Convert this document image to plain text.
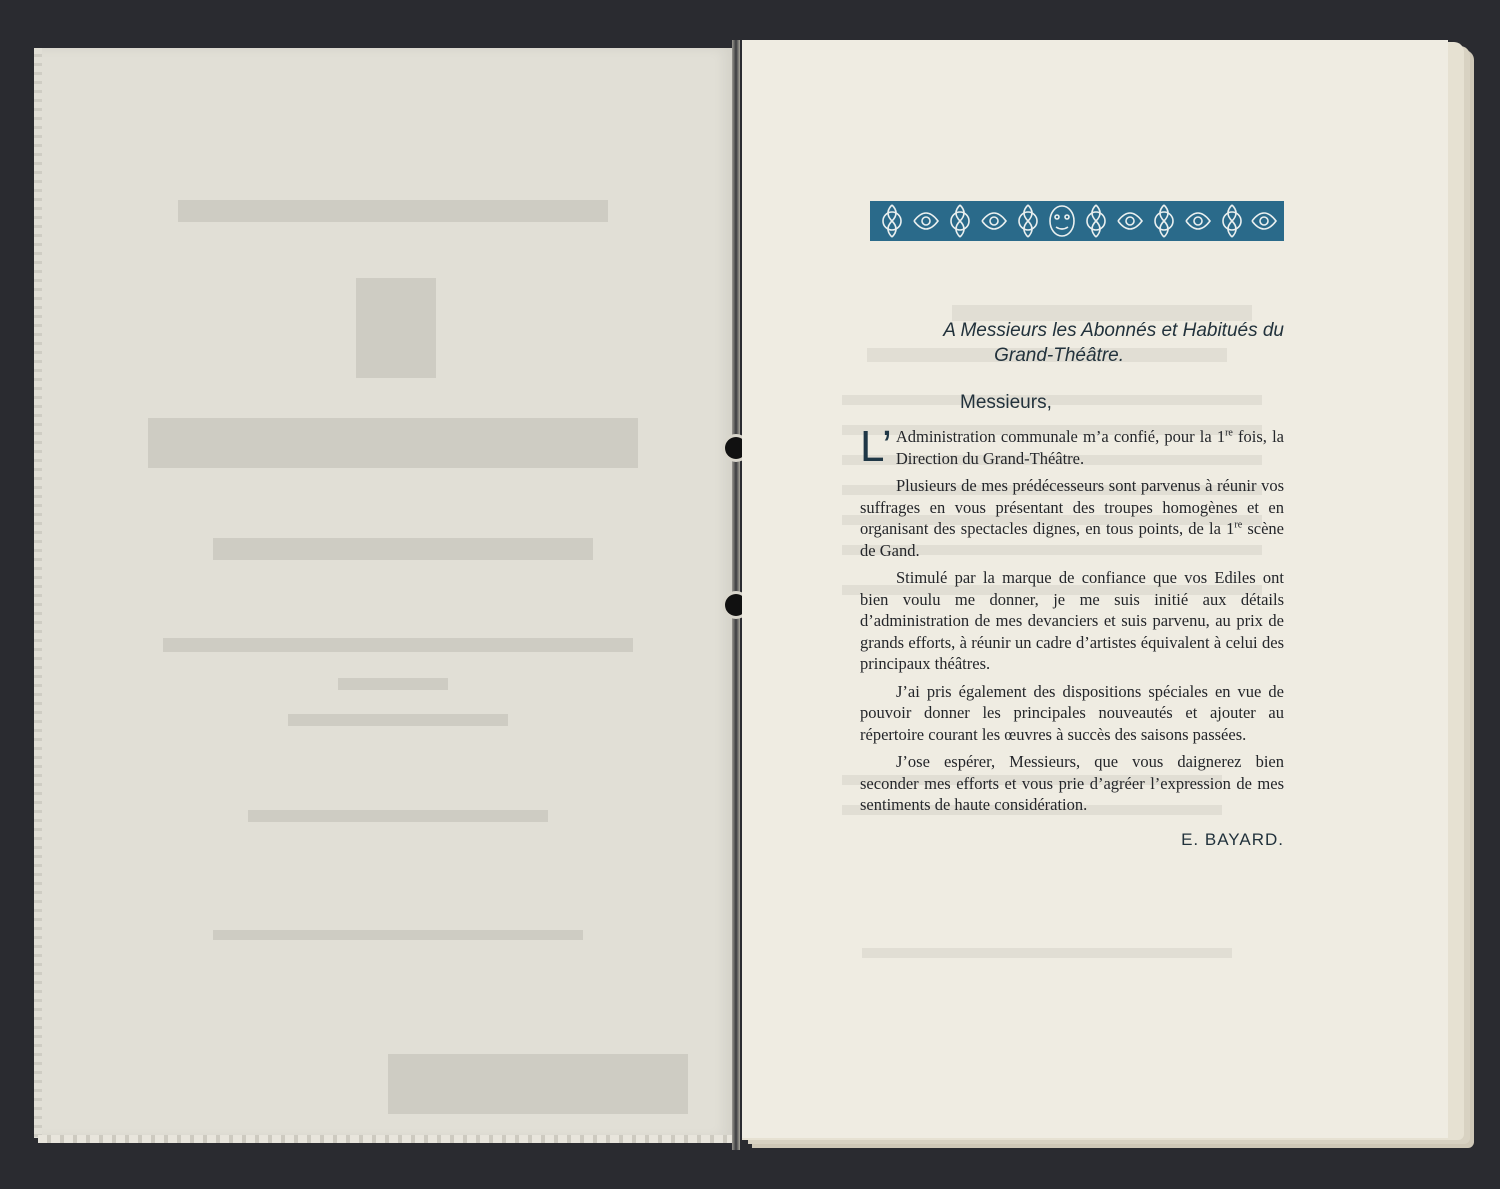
A Messieurs les Abonnés et Habitués du
Grand-Théâtre.
Messieurs,

L’ Administration communale m’a confié, pour la 1re fois, la Direction du Grand-Théâtre.

Plusieurs de mes prédécesseurs sont parvenus à réunir vos suffrages en vous présentant des troupes homogènes et en organisant des spectacles dignes, en tous points, de la 1re scène de Gand.

Stimulé par la marque de confiance que vos Ediles ont bien voulu me donner, je me suis initié aux détails d’administration de mes devanciers et suis parvenu, au prix de grands efforts, à réunir un cadre d’artistes équivalent à celui des principaux théâtres.

J’ai pris également des dispositions spéciales en vue de pouvoir donner les principales nouveautés et ajouter au répertoire courant les œuvres à succès des saisons passées.

J’ose espérer, Messieurs, que vous daignerez bien seconder mes efforts et vous prie d’agréer l’expression de mes sentiments de haute considération.

E. BAYARD.
